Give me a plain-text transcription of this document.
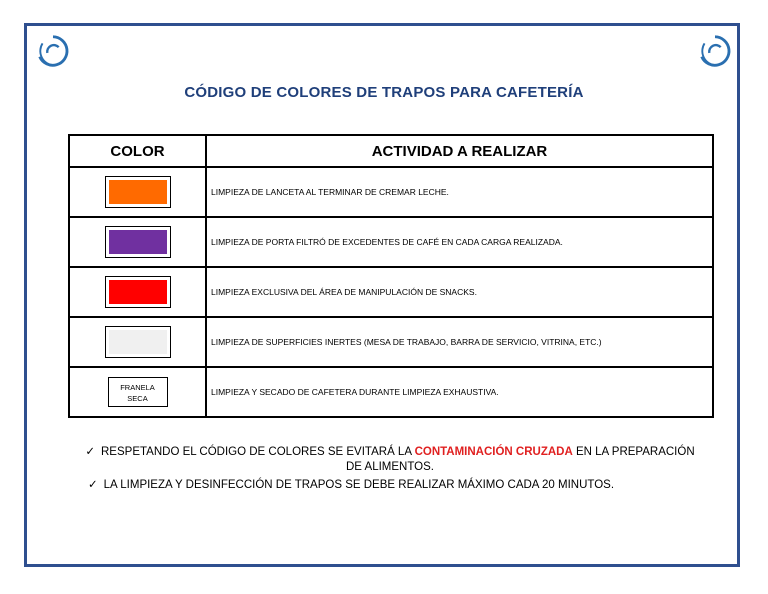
CÓDIGO DE COLORES DE TRAPOS PARA CAFETERÍA
COLOR	ACTIVIDAD A REALIZAR
	LIMPIEZA DE LANCETA AL TERMINAR DE CREMAR LECHE.
	LIMPIEZA DE PORTA FILTRÓ DE EXCEDENTES DE CAFÉ EN CADA CARGA REALIZADA.
	LIMPIEZA EXCLUSIVA DEL ÁREA DE MANIPULACIÓN DE SNACKS.
	LIMPIEZA DE SUPERFICIES INERTES (MESA DE TRABAJO, BARRA DE SERVICIO, VITRINA, ETC.)
FRANELA
SECA	LIMPIEZA Y SECADO DE CAFETERA DURANTE LIMPIEZA EXHAUSTIVA.
✓ RESPETANDO EL CÓDIGO DE COLORES SE EVITARÁ LA CONTAMINACIÓN CRUZADA EN LA PREPARACIÓN DE ALIMENTOS.
✓ LA LIMPIEZA Y DESINFECCIÓN DE TRAPOS SE DEBE REALIZAR MÁXIMO CADA 20 MINUTOS.
